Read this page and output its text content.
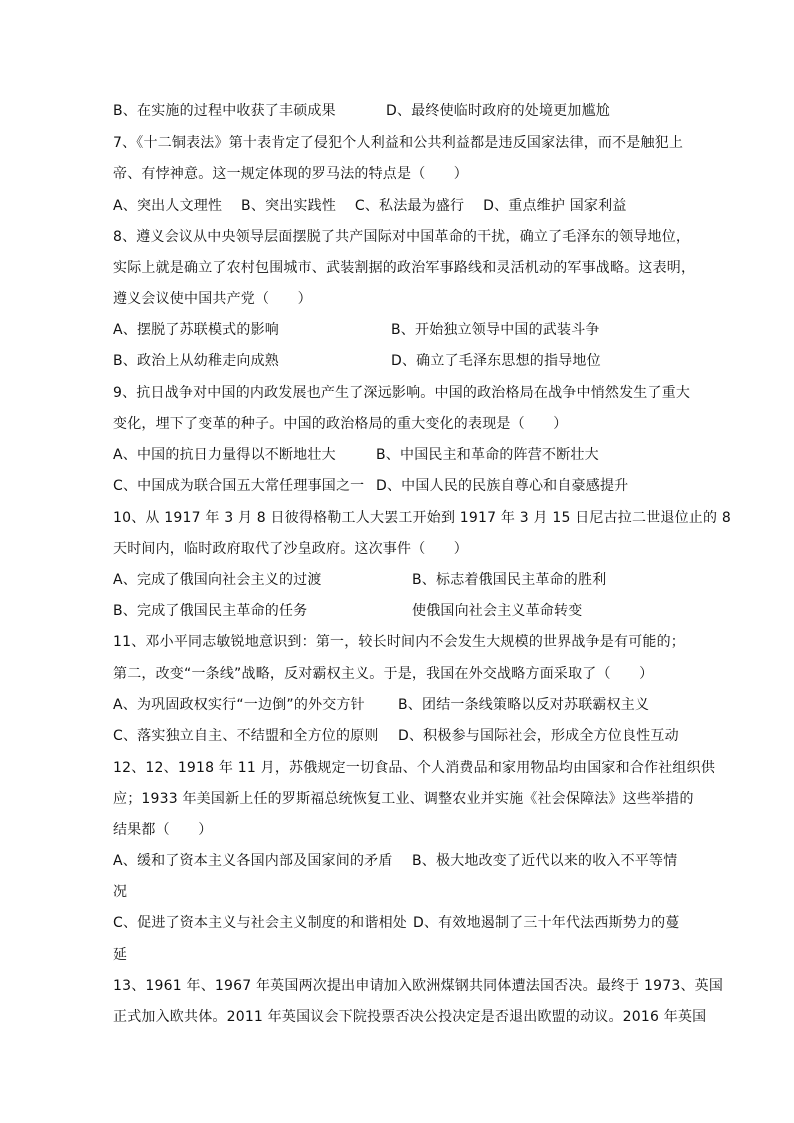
B、在实施的过程中收获了丰硕成果	D、最终使临时政府的处境更加尴尬
7、《十二铜表法》第十表肯定了侵犯个人利益和公共利益都是违反国家法律，而不是触犯上
帝、有悖神意。这一规定体现的罗马法的特点是（　　）
A、突出人文理性　 B、突出实践性　 C、私法最为盛行　 D、重点维护 国家利益
8、遵义会议从中央领导层面摆脱了共产国际对中国革命的干扰，确立了毛泽东的领导地位，
实际上就是确立了农村包围城市、武装割据的政治军事路线和灵活机动的军事战略。这表明，
遵义会议使中国共产党（　　）
A、摆脱了苏联模式的影响	B、开始独立领导中国的武装斗争
B、政治上从幼稚走向成熟	D、确立了毛泽东思想的指导地位
9、抗日战争对中国的内政发展也产生了深远影响。中国的政治格局在战争中悄然发生了重大
变化，埋下了变革的种子。中国的政治格局的重大变化的表现是（　　）
A、中国的抗日力量得以不断地壮大	B、中国民主和革命的阵营不断壮大
C、中国成为联合国五大常任理事国之一 D、中国人民的民族自尊心和自豪感提升
10、从 1917 年 3 月 8 日彼得格勒工人大罢工开始到 1917 年 3 月 15 日尼古拉二世退位止的 8
天时间内，临时政府取代了沙皇政府。这次事件（　　）
A、完成了俄国向社会主义的过渡	B、标志着俄国民主革命的胜利
B、完成了俄国民主革命的任务	使俄国向社会主义革命转变
11、邓小平同志敏锐地意识到：第一，较长时间内不会发生大规模的世界战争是有可能的；
第二，改变“一条线”战略，反对霸权主义。于是，我国在外交战略方面采取了（　　）
A、为巩固政权实行“一边倒”的外交方针 B、团结一条线策略以反对苏联霸权主义
C、落实独立自主、不结盟和全方位的原则 D、积极参与国际社会，形成全方位良性互动
12、12、1918 年 11 月，苏俄规定一切食品、个人消费品和家用物品均由国家和合作社组织供
应；1933 年美国新上任的罗斯福总统恢复工业、调整农业并实施《社会保障法》这些举措的
结果都（　　）
A、缓和了资本主义各国内部及国家间的矛盾 B、极大地改变了近代以来的收入不平等情
况
C、促进了资本主义与社会主义制度的和谐相处 D、有效地遏制了三十年代法西斯势力的蔓
延
13、1961 年、1967 年英国两次提出申请加入欧洲煤钢共同体遭法国否决。最终于 1973、英国
正式加入欧共体。2011 年英国议会下院投票否决公投决定是否退出欧盟的动议。2016 年英国
